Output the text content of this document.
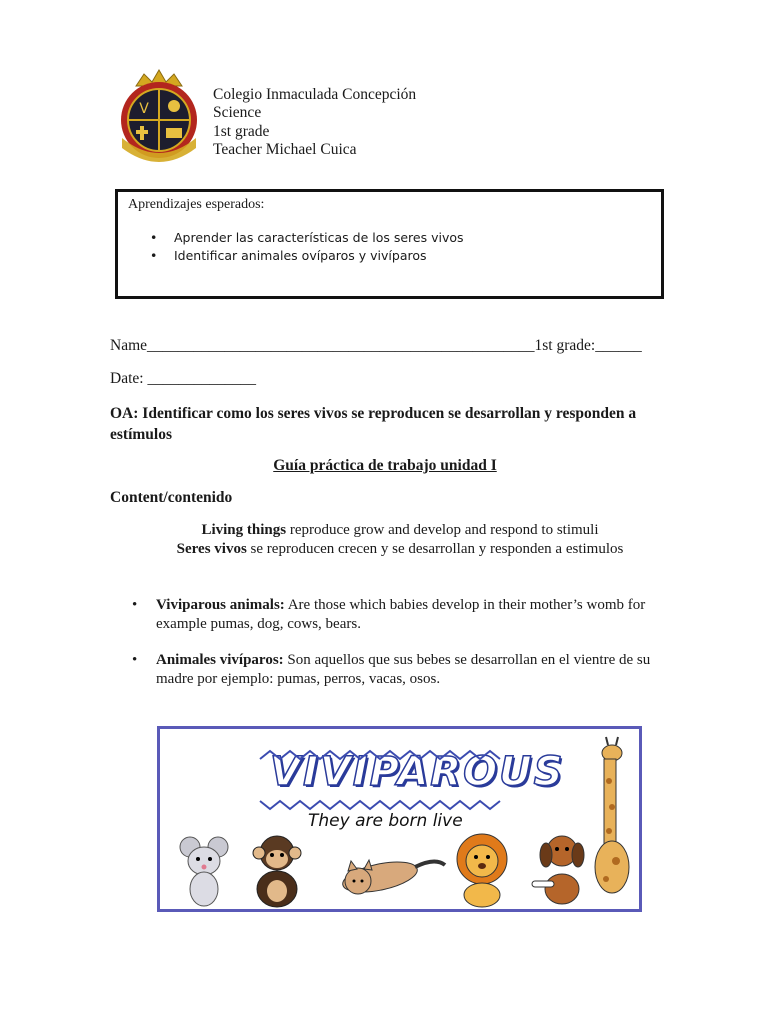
V
Colegio Inmaculada Concepción
Science
1st grade
Teacher Michael Cuica
Aprendizajes esperados:
•	Aprender las características de los seres vivos
•	Identificar animales ovíparos y vivíparos
Name__________________________________________________1st grade:______
Date: ______________
OA: Identificar como los seres vivos se reproducen se desarrollan y responden a estímulos
Guía práctica de trabajo unidad I
Content/contenido
Living things reproduce grow and develop and respond to stimuli
Seres vivos se reproducen crecen y se desarrollan y responden a estimulos
•	Viviparous animals: Are those which babies develop in their mother’s womb for example pumas, dog, cows, bears.
•	Animales vivíparos: Son aquellos que sus bebes se desarrollan en el vientre de su madre por ejemplo: pumas, perros, vacas, osos.
VIVIPAROUS
They are born live
